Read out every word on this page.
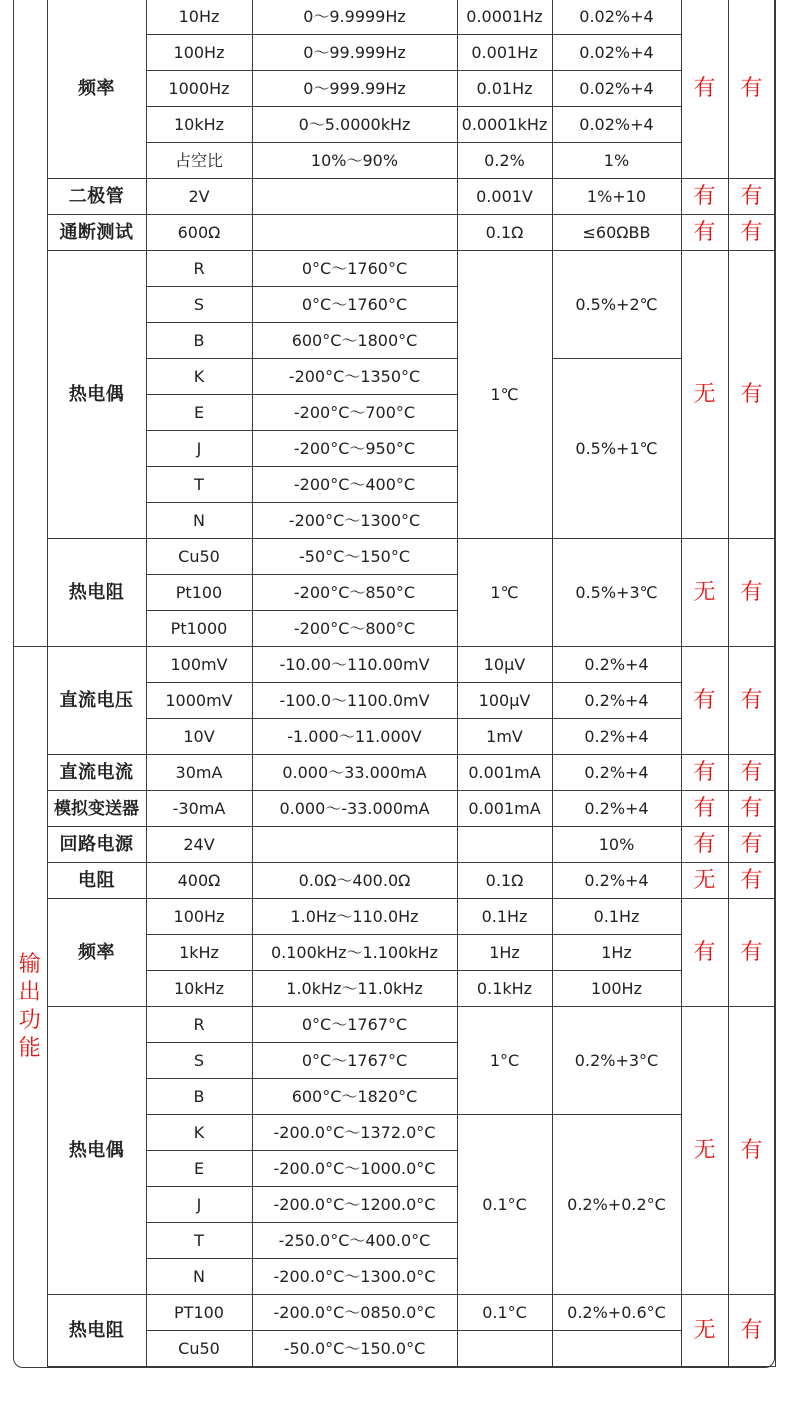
	频率	10Hz	0～9.9999Hz	0.0001Hz	0.02%+4	有	有
		100Hz	0～99.999Hz	0.001Hz	0.02%+4		
		1000Hz	0～999.99Hz	0.01Hz	0.02%+4		
		10kHz	0～5.0000kHz	0.0001kHz	0.02%+4		
		占空比	10%～90%	0.2%	1%		
	二极管	2V		0.001V	1%+10	有	有
	通断测试	600Ω		0.1Ω	≤60ΩBB	有	有
	热电偶	R	0°C～1760°C	1℃	0.5%+2℃	无	有
		S	0°C～1760°C				
		B	600°C～1800°C				
		K	-200°C～1350°C		0.5%+1℃		
		E	-200°C～700°C				
		J	-200°C～950°C				
		T	-200°C～400°C				
		N	-200°C～1300°C				
	热电阻	Cu50	-50°C～150°C	1℃	0.5%+3℃	无	有
		Pt100	-200°C～850°C				
		Pt1000	-200°C～800°C				
输出功能	直流电压	100mV	-10.00～110.00mV	10μV	0.2%+4	有	有
		1000mV	-100.0～1100.0mV	100μV	0.2%+4		
		10V	-1.000～11.000V	1mV	0.2%+4		
	直流电流	30mA	0.000～33.000mA	0.001mA	0.2%+4	有	有
	模拟变送器	-30mA	0.000～-33.000mA	0.001mA	0.2%+4	有	有
	回路电源	24V			10%	有	有
	电阻	400Ω	0.0Ω～400.0Ω	0.1Ω	0.2%+4	无	有
	频率	100Hz	1.0Hz～110.0Hz	0.1Hz	0.1Hz	有	有
		1kHz	0.100kHz～1.100kHz	1Hz	1Hz		
		10kHz	1.0kHz～11.0kHz	0.1kHz	100Hz		
	热电偶	R	0°C～1767°C	1°C	0.2%+3°C	无	有
		S	0°C～1767°C				
		B	600°C～1820°C				
		K	-200.0°C～1372.0°C	0.1°C	0.2%+0.2°C		
		E	-200.0°C～1000.0°C				
		J	-200.0°C～1200.0°C				
		T	-250.0°C～400.0°C				
		N	-200.0°C～1300.0°C				
	热电阻	PT100	-200.0°C～0850.0°C	0.1°C	0.2%+0.6°C	无	有
		Cu50	-50.0°C～150.0°C				
